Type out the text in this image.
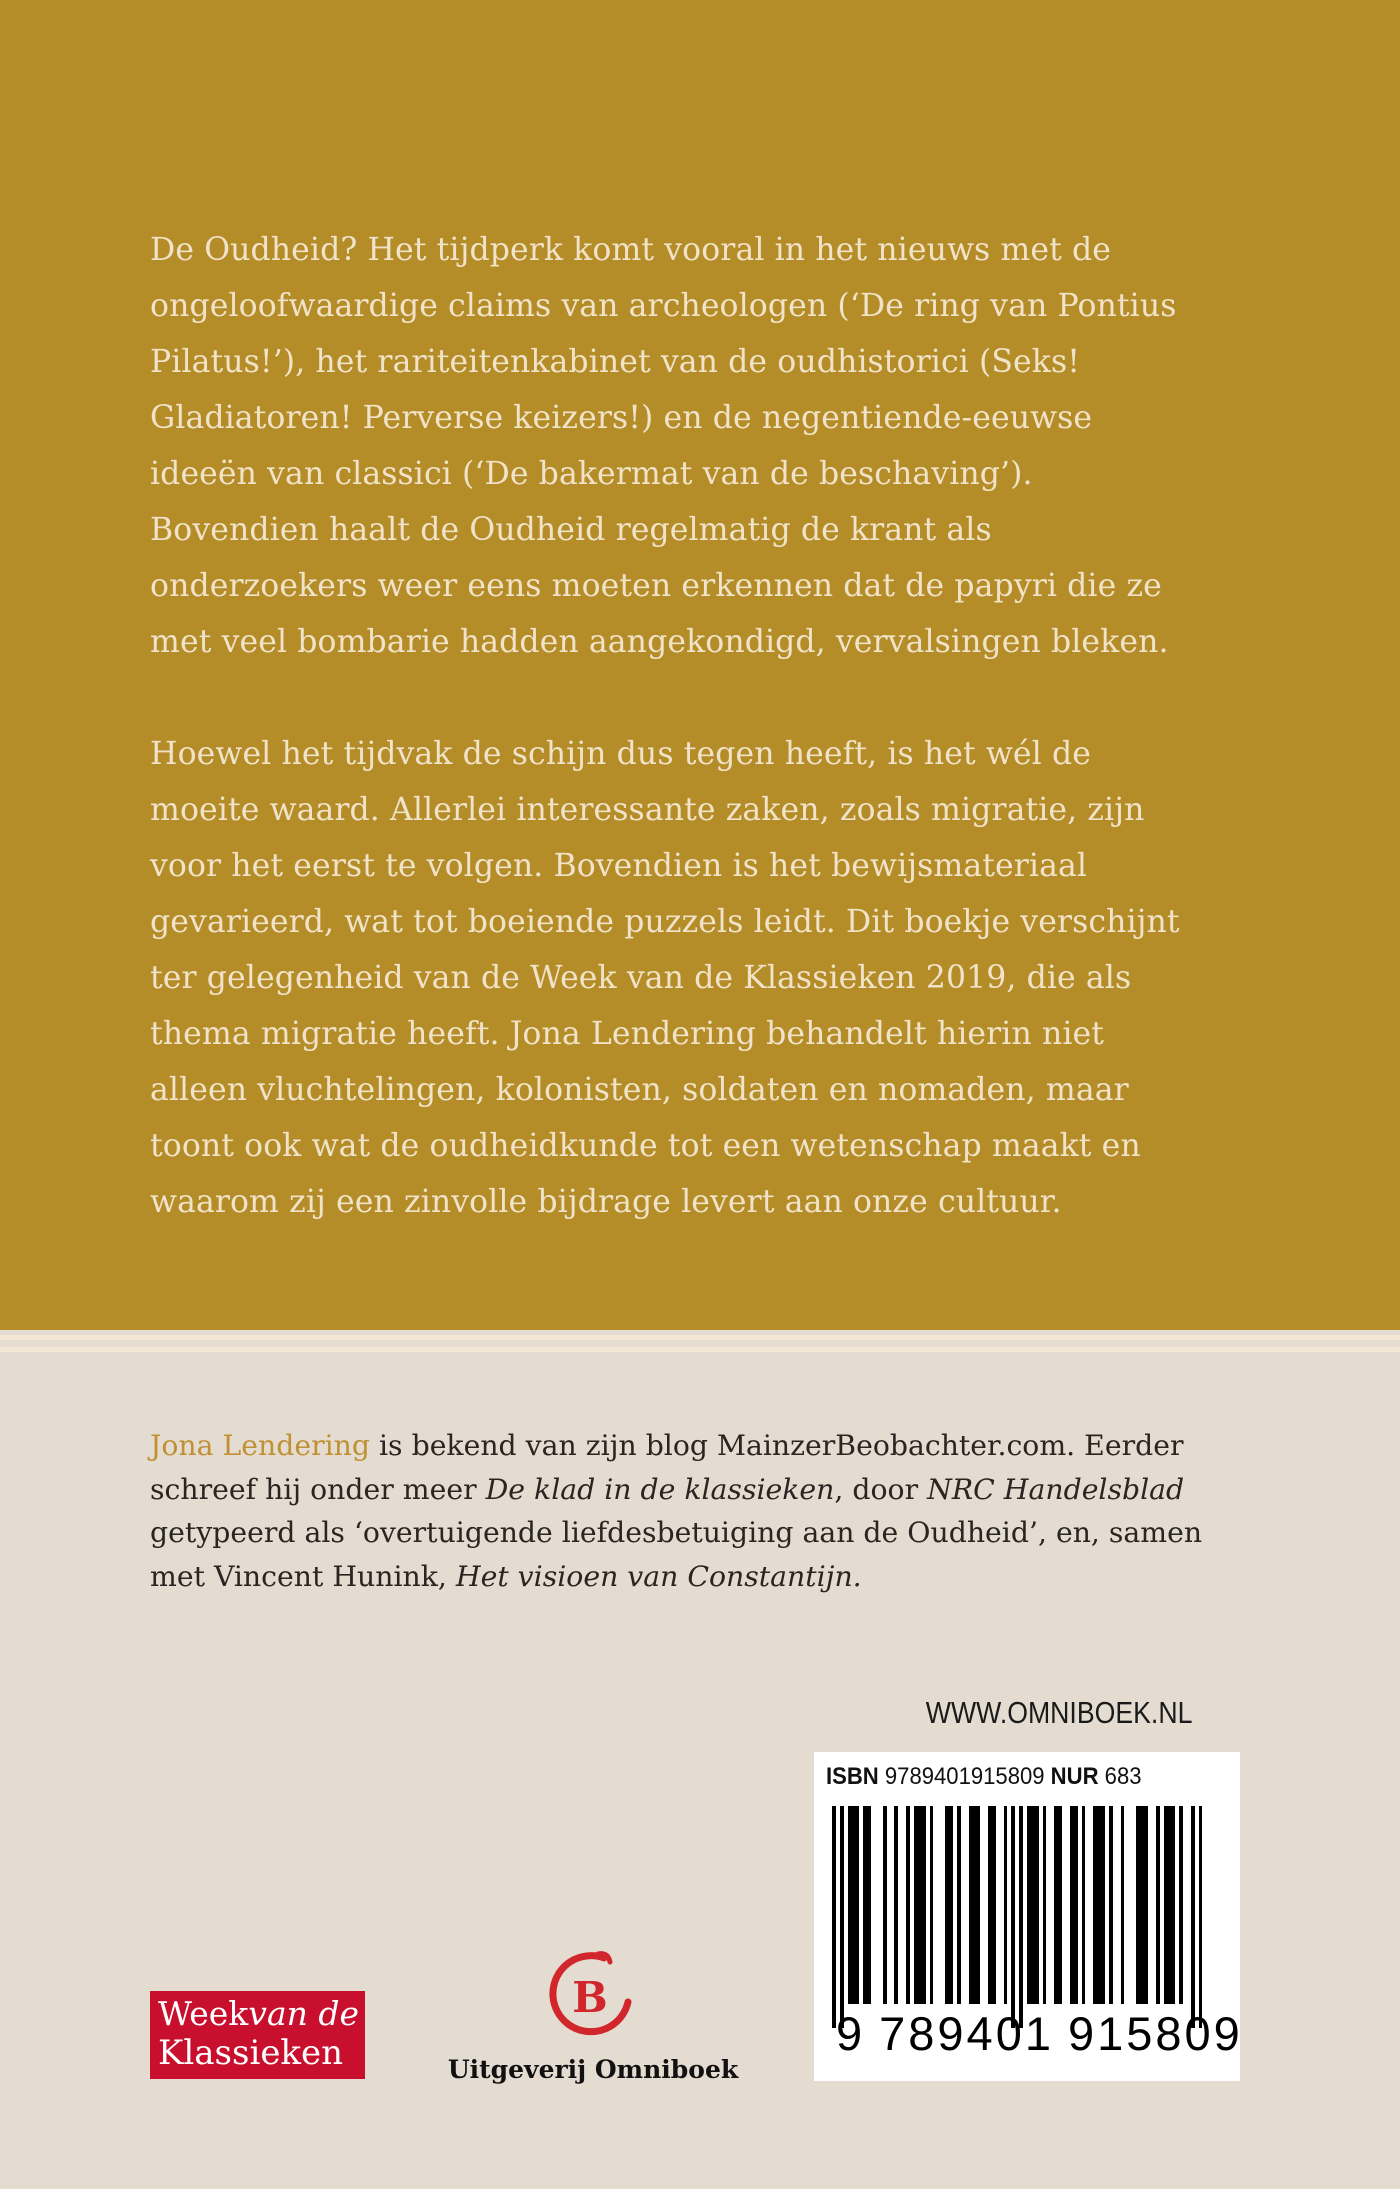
De Oudheid? Het tijdperk komt vooral in het nieuws met de ongeloofwaardige claims van archeologen (‘De ring van Pontius Pilatus!’), het rariteitenkabinet van de oudhistorici (Seks! Gladiatoren! Perverse keizers!) en de negentiende-eeuwse ideeën van classici (‘De bakermat van de beschaving’). Bovendien haalt de Oudheid regelmatig de krant als onderzoekers weer eens moeten erkennen dat de papyri die ze met veel bombarie hadden aangekondigd, vervalsingen bleken.

Hoewel het tijdvak de schijn dus tegen heeft, is het wél de moeite waard. Allerlei interessante zaken, zoals migratie, zijn voor het eerst te volgen. Bovendien is het bewijsmateriaal gevarieerd, wat tot boeiende puzzels leidt. Dit boekje verschijnt ter gelegenheid van de Week van de Klassieken 2019, die als thema migratie heeft. Jona Lendering behandelt hierin niet alleen vluchtelingen, kolonisten, soldaten en nomaden, maar toont ook wat de oudheidkunde tot een wetenschap maakt en waarom zij een zinvolle bijdrage levert aan onze cultuur.

Jona Lendering is bekend van zijn blog MainzerBeobachter.com. Eerder schreef hij onder meer De klad in de klassieken, door NRC Handelsblad getypeerd als ‘overtuigende liefdesbetuiging aan de Oudheid’, en, samen met Vincent Hunink, Het visioen van Constantijn.

WWW.OMNIBOEK.NL
ISBN 9789401915809 NUR 683
9 789401 915809
Weekvan de
Klassieken
B
Uitgeverij Omniboek
